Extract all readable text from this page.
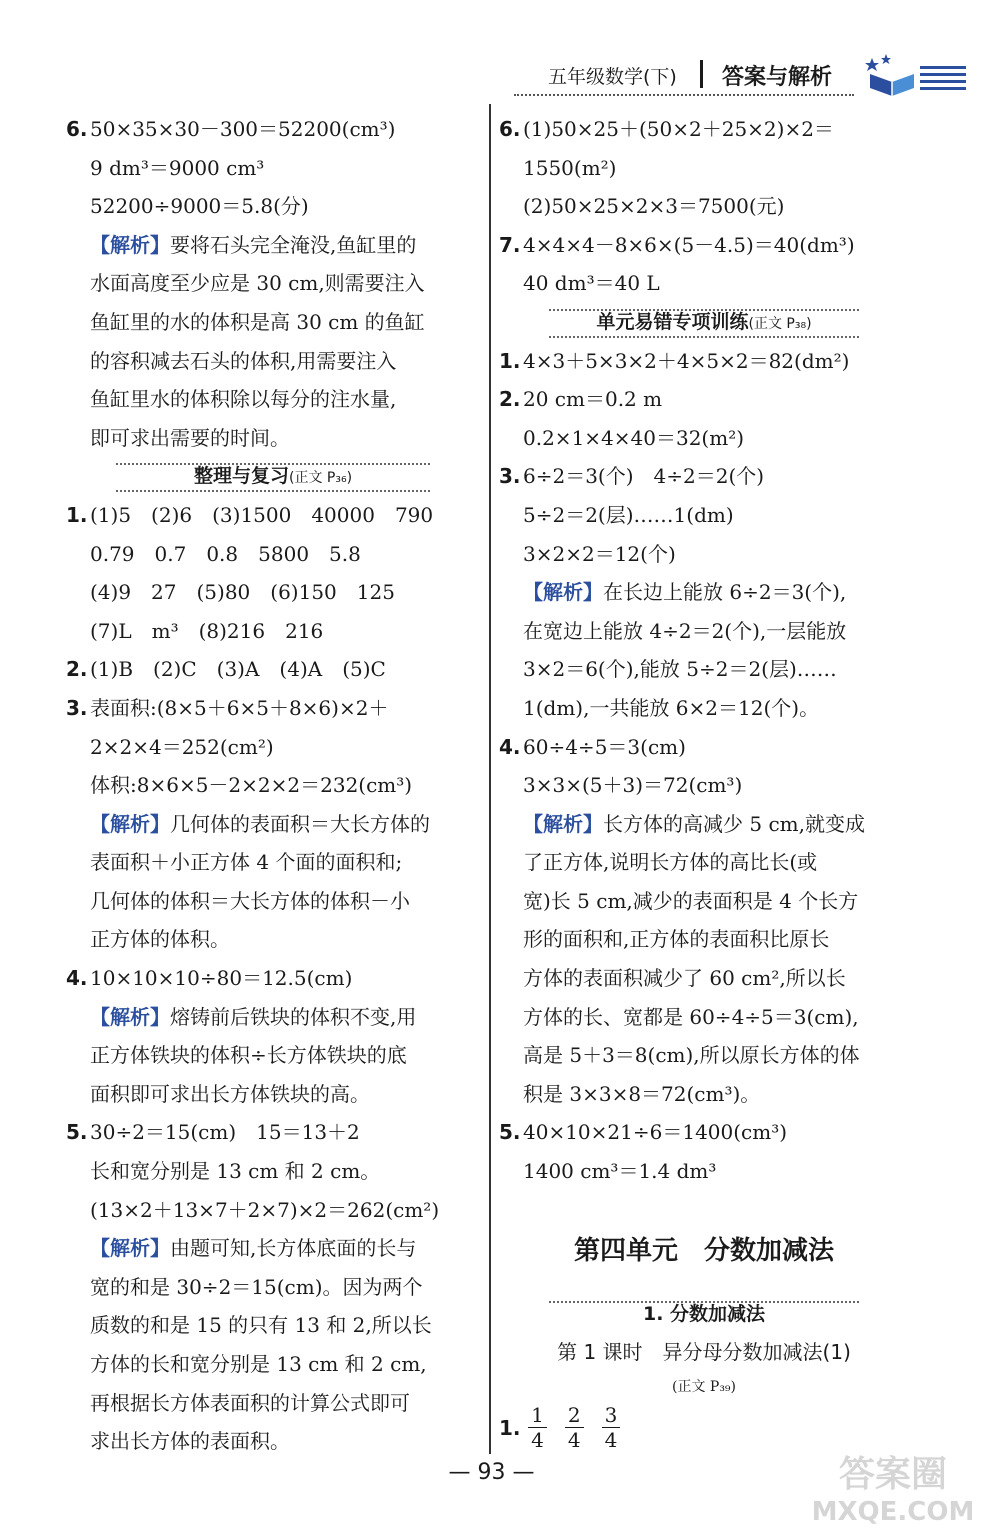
五年级数学(下) 答案与解析
6. 50×35×30－300＝52200(cm³)
9 dm³＝9000 cm³
52200÷9000＝5.8(分)
【解析】要将石头完全淹没,鱼缸里的
水面高度至少应是 30 cm,则需要注入
鱼缸里的水的体积是高 30 cm 的鱼缸
的容积减去石头的体积,用需要注入
鱼缸里水的体积除以每分的注水量,
即可求出需要的时间。
整理与复习(正文 P₃₆)
1. (1)5　(2)6　(3)1500　40000　790
0.79　0.7　0.8　5800　5.8
(4)9　27　(5)80　(6)150　125
(7)L　m³　(8)216　216
2. (1)B　(2)C　(3)A　(4)A　(5)C
3. 表面积:(8×5＋6×5＋8×6)×2＋
2×2×4＝252(cm²)
体积:8×6×5－2×2×2＝232(cm³)
【解析】几何体的表面积＝大长方体的
表面积＋小正方体 4 个面的面积和;
几何体的体积＝大长方体的体积－小
正方体的体积。
4. 10×10×10÷80＝12.5(cm)
【解析】熔铸前后铁块的体积不变,用
正方体铁块的体积÷长方体铁块的底
面积即可求出长方体铁块的高。
5. 30÷2＝15(cm)　15＝13＋2
长和宽分别是 13 cm 和 2 cm。
(13×2＋13×7＋2×7)×2＝262(cm²)
【解析】由题可知,长方体底面的长与
宽的和是 30÷2＝15(cm)。因为两个
质数的和是 15 的只有 13 和 2,所以长
方体的长和宽分别是 13 cm 和 2 cm,
再根据长方体表面积的计算公式即可
求出长方体的表面积。
6. (1)50×25＋(50×2＋25×2)×2＝
1550(m²)
(2)50×25×2×3＝7500(元)
7. 4×4×4－8×6×(5－4.5)＝40(dm³)
40 dm³＝40 L
单元易错专项训练(正文 P₃₈)
1. 4×3＋5×3×2＋4×5×2＝82(dm²)
2. 20 cm＝0.2 m
0.2×1×4×40＝32(m²)
3. 6÷2＝3(个)　4÷2＝2(个)
5÷2＝2(层)……1(dm)
3×2×2＝12(个)
【解析】在长边上能放 6÷2＝3(个),
在宽边上能放 4÷2＝2(个),一层能放
3×2＝6(个),能放 5÷2＝2(层)……
1(dm),一共能放 6×2＝12(个)。
4. 60÷4÷5＝3(cm)
3×3×(5＋3)＝72(cm³)
【解析】长方体的高减少 5 cm,就变成
了正方体,说明长方体的高比长(或
宽)长 5 cm,减少的表面积是 4 个长方
形的面积和,正方体的表面积比原长
方体的表面积减少了 60 cm²,所以长
方体的长、宽都是 60÷4÷5＝3(cm),
高是 5＋3＝8(cm),所以原长方体的体
积是 3×3×8＝72(cm³)。
5. 40×10×21÷6＝1400(cm³)
1400 cm³＝1.4 dm³
第四单元　分数加减法
1. 分数加减法
第 1 课时　异分母分数加减法(1)
(正文 P₃₉)
1. $\frac{1}{4} \frac{2}{4} \frac{3}{4}$
— 93 —	答案圈
MXQE.COM
